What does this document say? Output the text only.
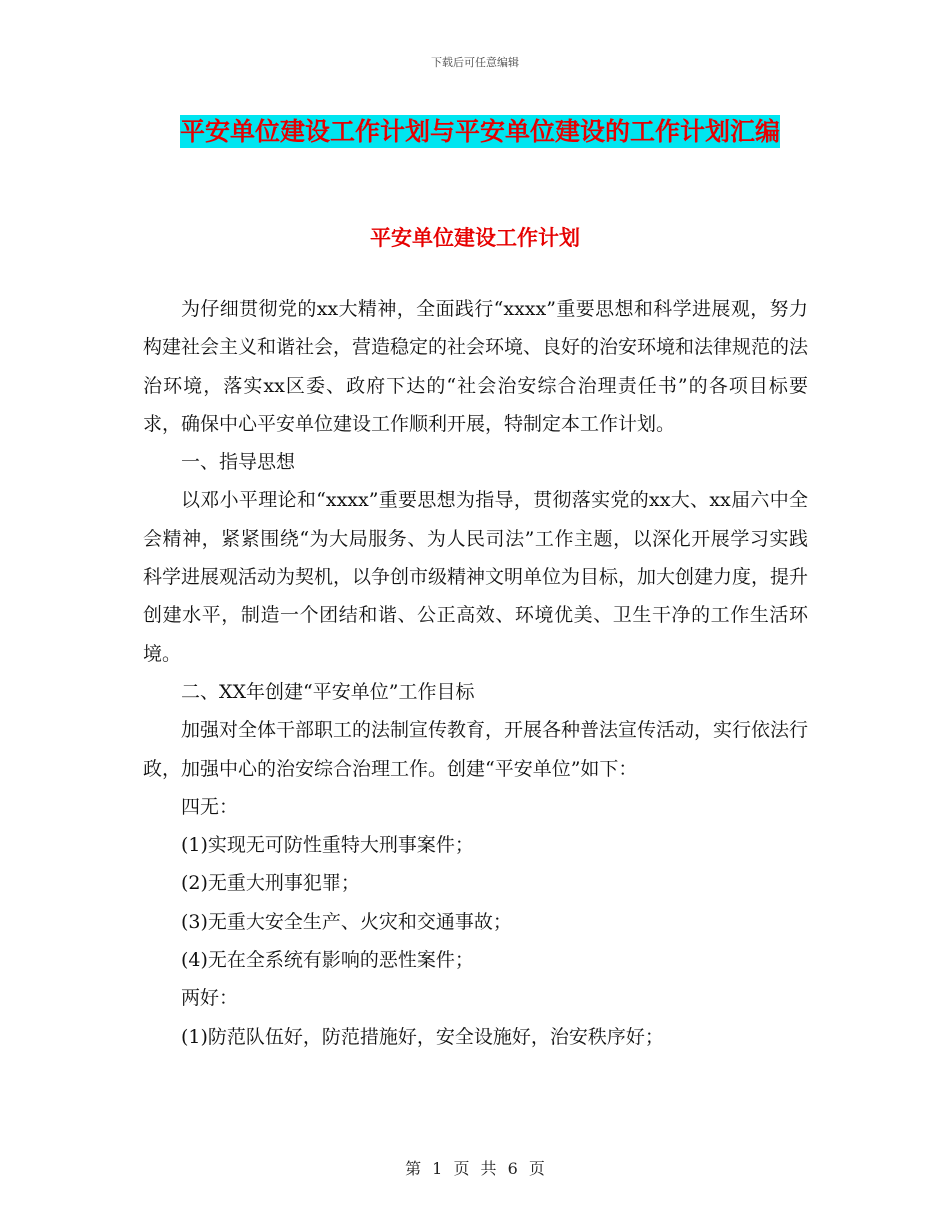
下载后可任意编辑
平安单位建设工作计划与平安单位建设的工作计划汇编
平安单位建设工作计划

为仔细贯彻党的xx大精神，全面践行“xxxx”重要思想和科学进展观，努力构建社会主义和谐社会，营造稳定的社会环境、良好的治安环境和法律规范的法治环境，落实xx区委、政府下达的“社会治安综合治理责任书”的各项目标要求，确保中心平安单位建设工作顺利开展，特制定本工作计划。

一、指导思想

以邓小平理论和“xxxx”重要思想为指导，贯彻落实党的xx大、xx届六中全会精神，紧紧围绕“为大局服务、为人民司法”工作主题，以深化开展学习实践科学进展观活动为契机，以争创市级精神文明单位为目标，加大创建力度，提升创建水平，制造一个团结和谐、公正高效、环境优美、卫生干净的工作生活环境。

二、XX年创建“平安单位”工作目标

加强对全体干部职工的法制宣传教育，开展各种普法宣传活动，实行依法行政，加强中心的治安综合治理工作。创建“平安单位”如下：

四无：

(1)实现无可防性重特大刑事案件；

(2)无重大刑事犯罪；

(3)无重大安全生产、火灾和交通事故；

(4)无在全系统有影响的恶性案件；

两好：

(1)防范队伍好，防范措施好，安全设施好，治安秩序好；

第 1 页 共 6 页
